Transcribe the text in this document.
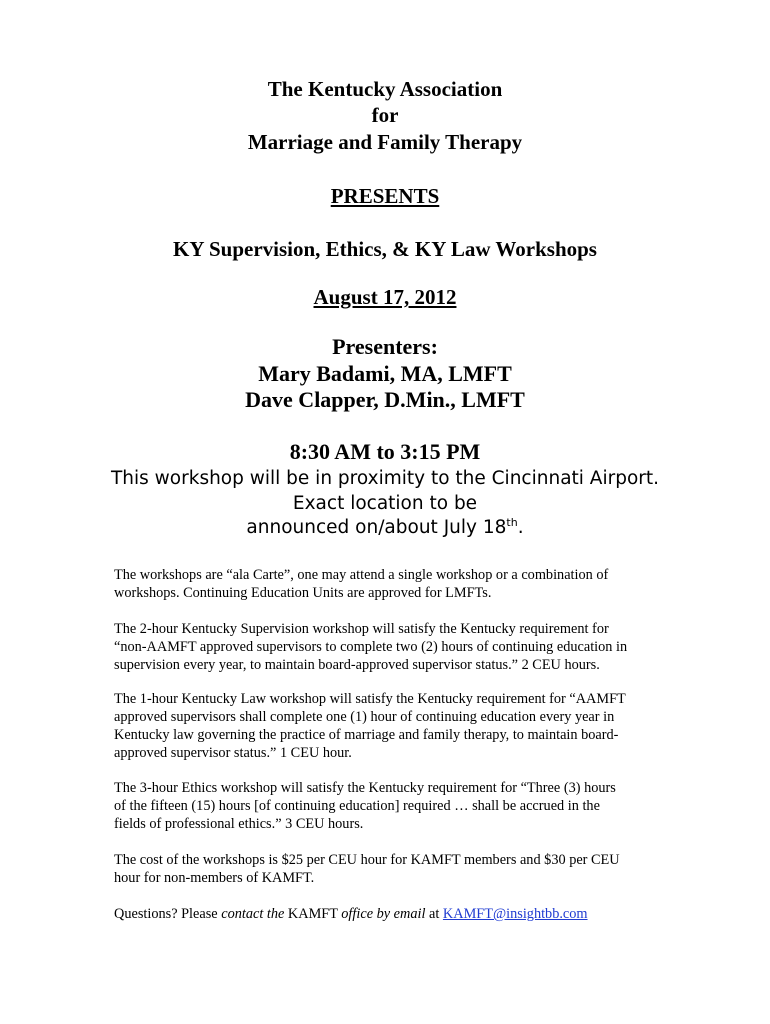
The Kentucky Association
for
Marriage and Family Therapy
PRESENTS
KY Supervision, Ethics, & KY Law Workshops
August 17, 2012
Presenters:
Mary Badami, MA, LMFT
Dave Clapper, D.Min., LMFT
8:30 AM to 3:15 PM
This workshop will be in proximity to the Cincinnati Airport.
Exact location to be
announced on/about July 18th.
The workshops are “ala Carte”, one may attend a single workshop or a combination of
workshops. Continuing Education Units are approved for LMFTs.
The 2-hour Kentucky Supervision workshop will satisfy the Kentucky requirement for
“non-AAMFT approved supervisors to complete two (2) hours of continuing education in
supervision every year, to maintain board-approved supervisor status.” 2 CEU hours.
The 1-hour Kentucky Law workshop will satisfy the Kentucky requirement for “AAMFT
approved supervisors shall complete one (1) hour of continuing education every year in
Kentucky law governing the practice of marriage and family therapy, to maintain board-
approved supervisor status.” 1 CEU hour.
The 3-hour Ethics workshop will satisfy the Kentucky requirement for “Three (3) hours
of the fifteen (15) hours [of continuing education] required … shall be accrued in the
fields of professional ethics.” 3 CEU hours.
The cost of the workshops is $25 per CEU hour for KAMFT members and $30 per CEU
hour for non-members of KAMFT.
Questions? Please contact the KAMFT office by email at KAMFT@insightbb.com
